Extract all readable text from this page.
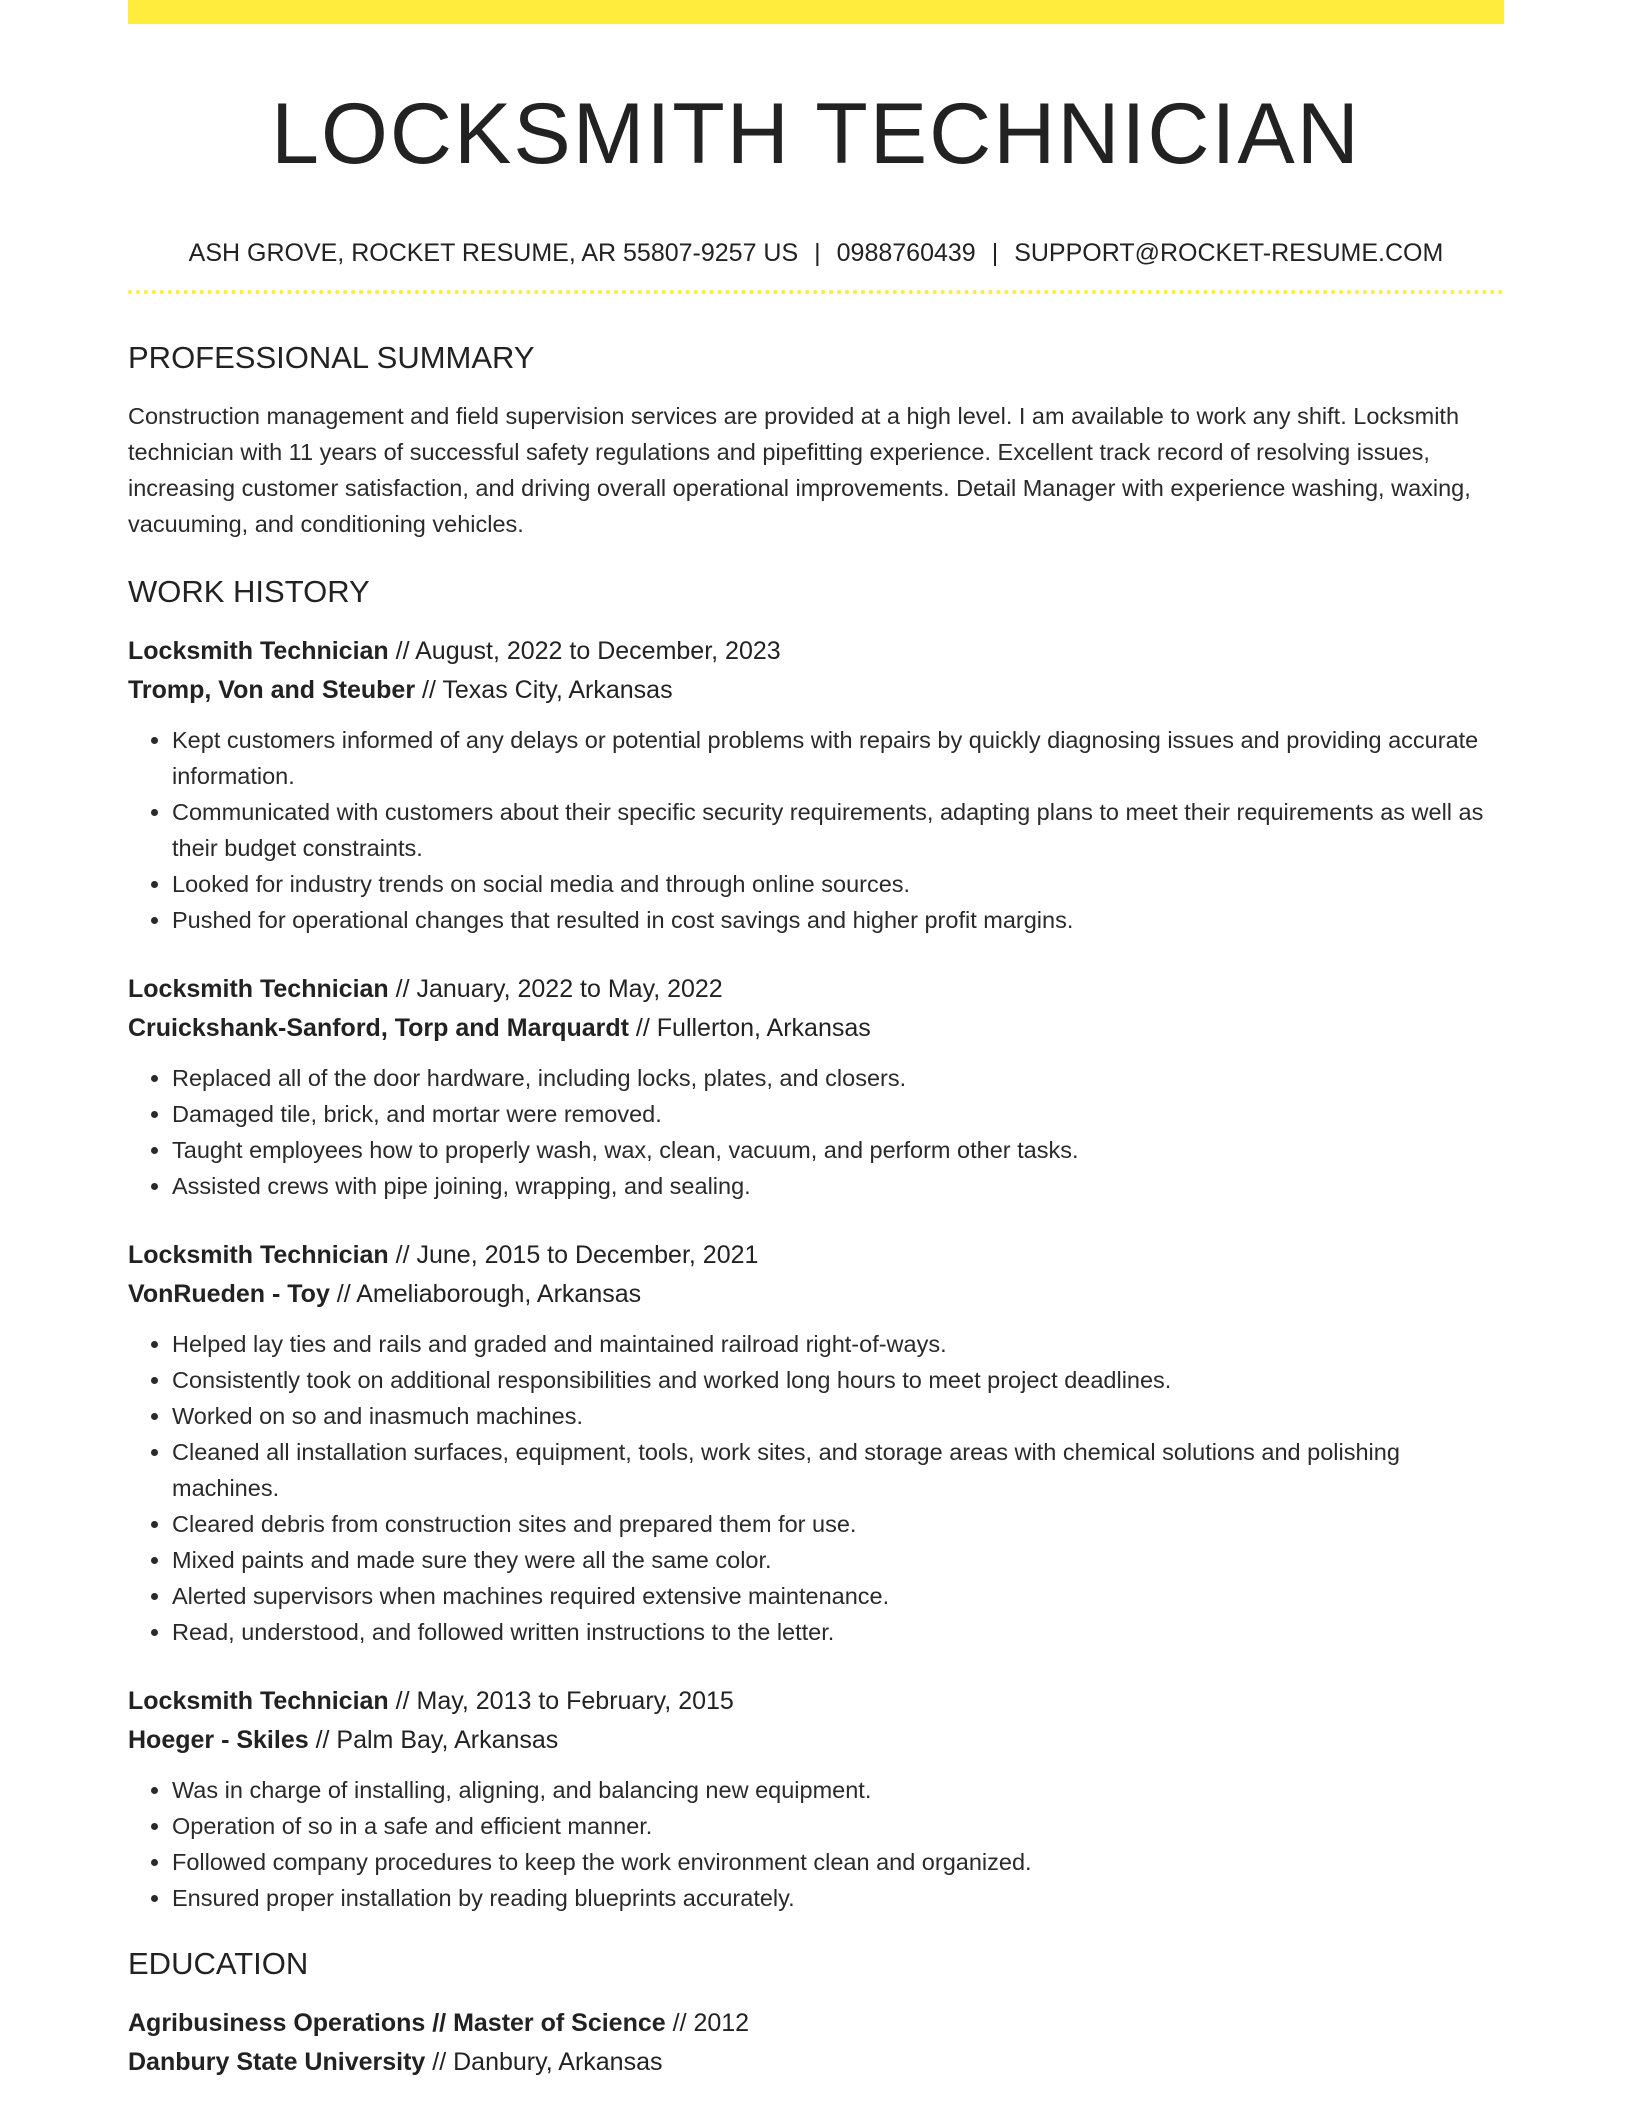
LOCKSMITH TECHNICIAN
ASH GROVE, ROCKET RESUME, AR 55807-9257 US | 0988760439 | SUPPORT@ROCKET-RESUME.COM
PROFESSIONAL SUMMARY

Construction management and field supervision services are provided at a high level. I am available to work any shift. Locksmith technician with 11 years of successful safety regulations and pipefitting experience. Excellent track record of resolving issues, increasing customer satisfaction, and driving overall operational improvements. Detail Manager with experience washing, waxing, vacuuming, and conditioning vehicles.

WORK HISTORY
Locksmith Technician // August, 2022 to December, 2023
Tromp, Von and Steuber // Texas City, Arkansas
• Kept customers informed of any delays or potential problems with repairs by quickly diagnosing issues and providing accurate information.
• Communicated with customers about their specific security requirements, adapting plans to meet their requirements as well as their budget constraints.
• Looked for industry trends on social media and through online sources.
• Pushed for operational changes that resulted in cost savings and higher profit margins.
Locksmith Technician // January, 2022 to May, 2022
Cruickshank-Sanford, Torp and Marquardt // Fullerton, Arkansas
• Replaced all of the door hardware, including locks, plates, and closers.
• Damaged tile, brick, and mortar were removed.
• Taught employees how to properly wash, wax, clean, vacuum, and perform other tasks.
• Assisted crews with pipe joining, wrapping, and sealing.
Locksmith Technician // June, 2015 to December, 2021
VonRueden - Toy // Ameliaborough, Arkansas
• Helped lay ties and rails and graded and maintained railroad right-of-ways.
• Consistently took on additional responsibilities and worked long hours to meet project deadlines.
• Worked on so and inasmuch machines.
• Cleaned all installation surfaces, equipment, tools, work sites, and storage areas with chemical solutions and polishing machines.
• Cleared debris from construction sites and prepared them for use.
• Mixed paints and made sure they were all the same color.
• Alerted supervisors when machines required extensive maintenance.
• Read, understood, and followed written instructions to the letter.
Locksmith Technician // May, 2013 to February, 2015
Hoeger - Skiles // Palm Bay, Arkansas
• Was in charge of installing, aligning, and balancing new equipment.
• Operation of so in a safe and efficient manner.
• Followed company procedures to keep the work environment clean and organized.
• Ensured proper installation by reading blueprints accurately.
EDUCATION
Agribusiness Operations // Master of Science // 2012
Danbury State University // Danbury, Arkansas
